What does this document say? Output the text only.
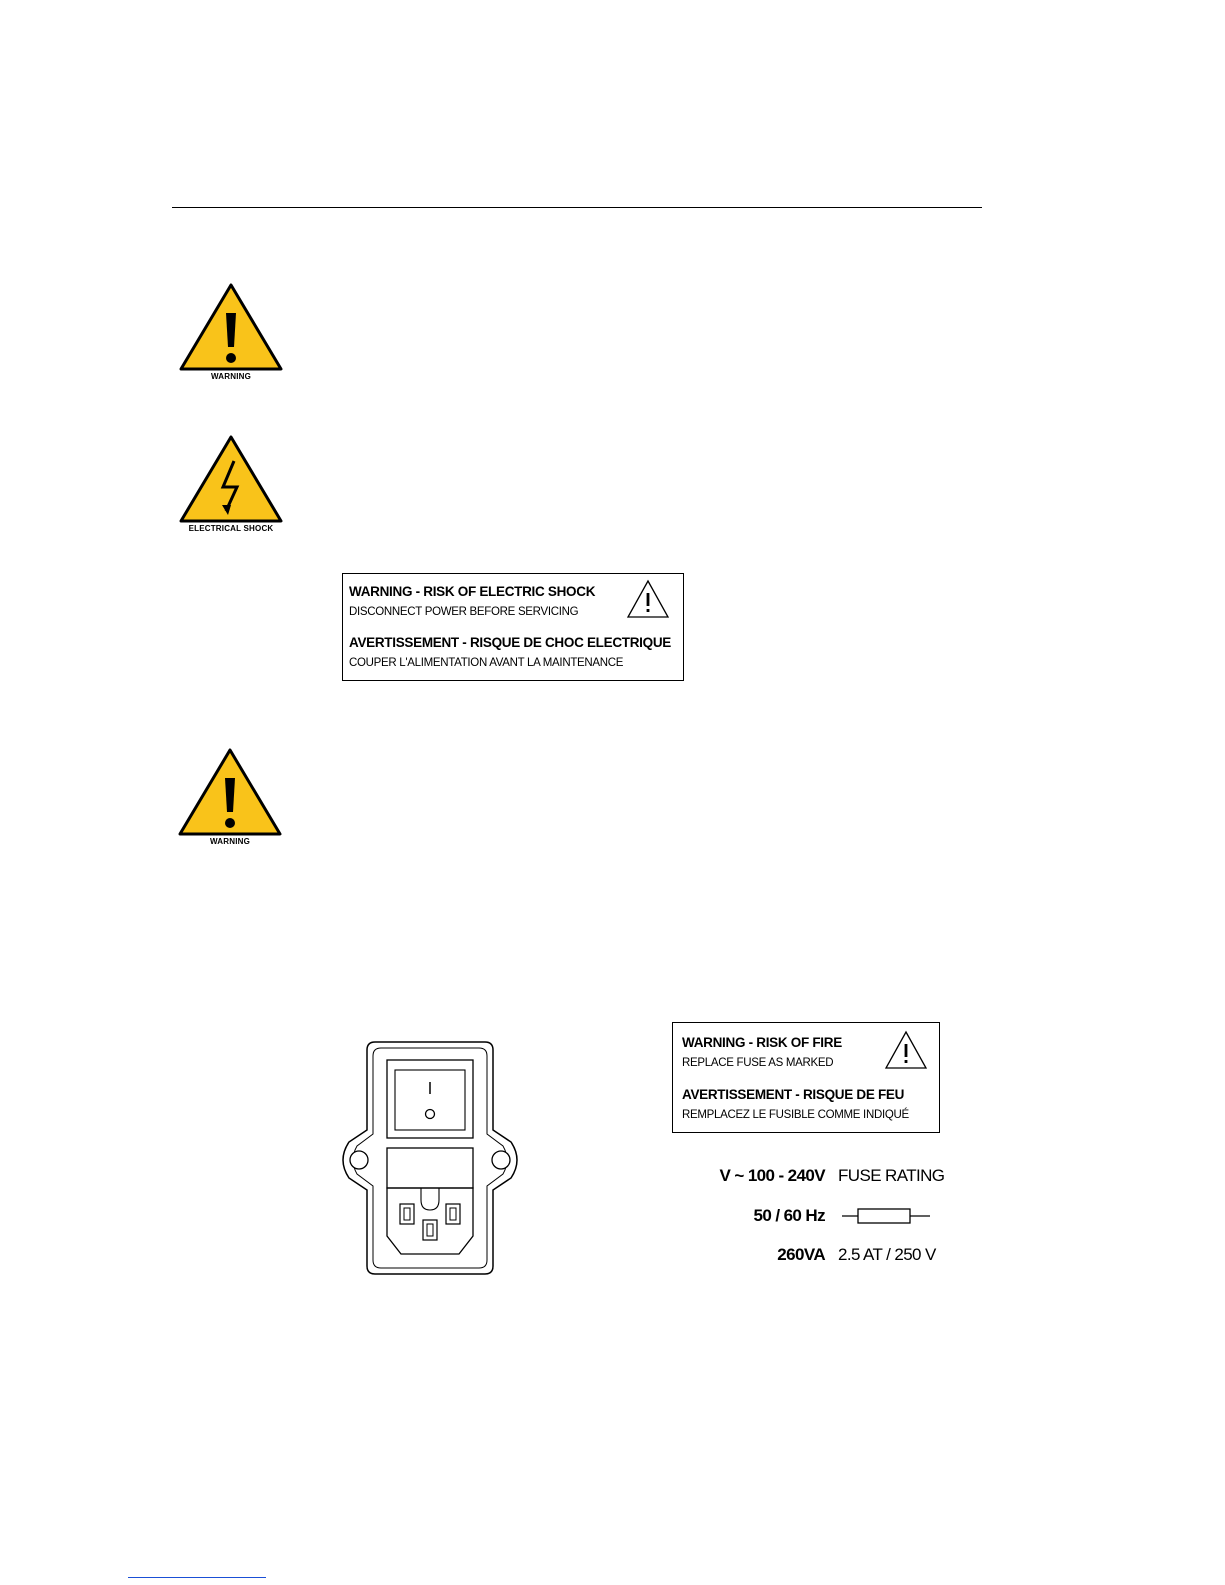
WARNING
ELECTRICAL SHOCK
WARNING - RISK OF ELECTRIC SHOCK
DISCONNECT POWER BEFORE SERVICING
AVERTISSEMENT - RISQUE DE CHOC ELECTRIQUE
COUPER L'ALIMENTATION AVANT LA MAINTENANCE
WARNING
WARNING - RISK OF FIRE
REPLACE FUSE AS MARKED
AVERTISSEMENT - RISQUE DE FEU
REMPLACEZ LE FUSIBLE COMME INDIQUÉ
V ~ 100 - 240V FUSE RATING
50 / 60 Hz
260VA 2.5 AT / 250 V
